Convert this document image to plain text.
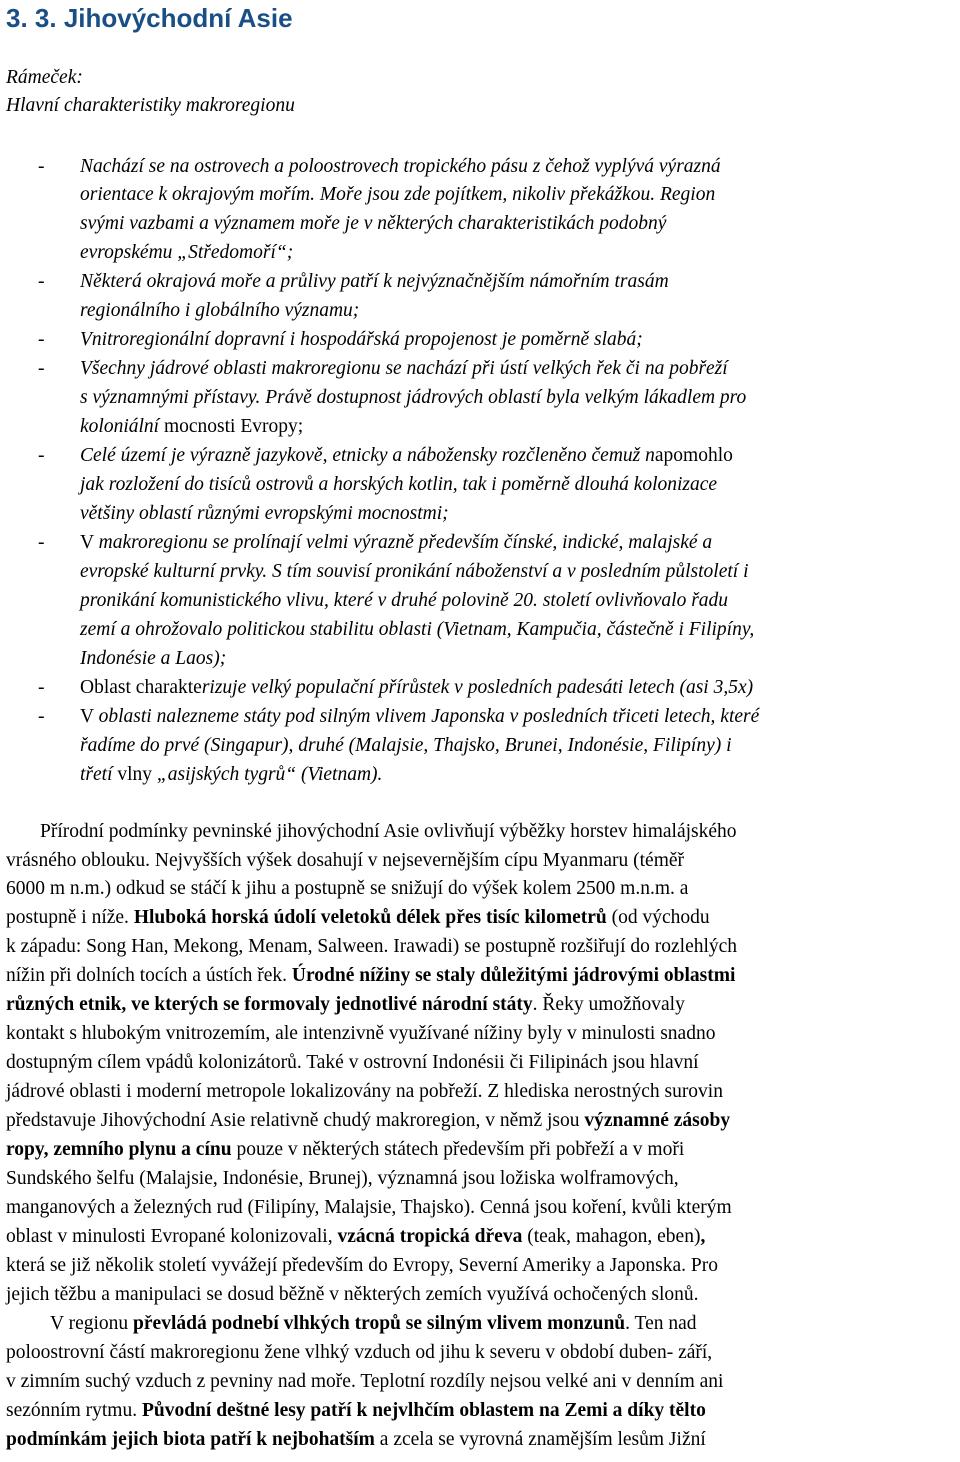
3. 3. Jihovýchodní Asie
Rámeček:
Hlavní charakteristiky makroregionu
- Nachází se na ostrovech a poloostrovech tropického pásu z čehož vyplývá výrazná
orientace k okrajovým mořím. Moře jsou zde pojítkem, nikoliv překážkou. Region
svými vazbami a významem moře je v některých charakteristikách podobný
evropskému „Středomoří“;
- Některá okrajová moře a průlivy patří k nejvýznačnějším námořním trasám
regionálního i globálního významu;
- Vnitroregionální dopravní i hospodářská propojenost je poměrně slabá;
- Všechny jádrové oblasti makroregionu se nachází při ústí velkých řek či na pobřeží
s významnými přístavy. Právě dostupnost jádrových oblastí byla velkým lákadlem pro
koloniální mocnosti Evropy;
- Celé území je výrazně jazykově, etnicky a nábožensky rozčleněno čemuž napomohlo
jak rozložení do tisíců ostrovů a horských kotlin, tak i poměrně dlouhá kolonizace
většiny oblastí různými evropskými mocnostmi;
- V makroregionu se prolínají velmi výrazně především čínské, indické, malajské a
evropské kulturní prvky. S tím souvisí pronikání náboženství a v posledním půlstoletí i
pronikání komunistického vlivu, které v druhé polovině 20. století ovlivňovalo řadu
zemí a ohrožovalo politickou stabilitu oblasti (Vietnam, Kampučia, částečně i Filipíny,
Indonésie a Laos);
- Oblast charakterizuje velký populační přírůstek v posledních padesáti letech (asi 3,5x)
- V oblasti nalezneme státy pod silným vlivem Japonska v posledních třiceti letech, které
řadíme do prvé (Singapur), druhé (Malajsie, Thajsko, Brunei, Indonésie, Filipíny) i
třetí vlny „asijských tygrů“ (Vietnam).
Přírodní podmínky pevninské jihovýchodní Asie ovlivňují výběžky horstev himalájského
vrásného oblouku. Nejvyšších výšek dosahují v nejsevernějším cípu Myanmaru (téměř
6000 m n.m.) odkud se stáčí k jihu a postupně se snižují do výšek kolem 2500 m.n.m. a
postupně i níže. Hluboká horská údolí veletoků délek přes tisíc kilometrů (od východu
k západu: Song Han, Mekong, Menam, Salween. Irawadi) se postupně rozšiřují do rozlehlých
nížin při dolních tocích a ústích řek. Úrodné nížiny se staly důležitými jádrovými oblastmi
různých etnik, ve kterých se formovaly jednotlivé národní státy. Řeky umožňovaly
kontakt s hlubokým vnitrozemím, ale intenzivně využívané nížiny byly v minulosti snadno
dostupným cílem vpádů kolonizátorů. Také v ostrovní Indonésii či Filipinách jsou hlavní
jádrové oblasti i moderní metropole lokalizovány na pobřeží. Z hlediska nerostných surovin
představuje Jihovýchodní Asie relativně chudý makroregion, v němž jsou významné zásoby
ropy, zemního plynu a cínu pouze v některých státech především při pobřeží a v moři
Sundského šelfu (Malajsie, Indonésie, Brunej), významná jsou ložiska wolframových,
manganových a železných rud (Filipíny, Malajsie, Thajsko). Cenná jsou koření, kvůli kterým
oblast v minulosti Evropané kolonizovali, vzácná tropická dřeva (teak, mahagon, eben),
která se již několik století vyvážejí především do Evropy, Severní Ameriky a Japonska. Pro
jejich těžbu a manipulaci se dosud běžně v některých zemích využívá ochočených slonů.
V regionu převládá podnebí vlhkých tropů se silným vlivem monzunů. Ten nad
poloostrovní částí makroregionu žene vlhký vzduch od jihu k severu v období duben- září,
v zimním suchý vzduch z pevniny nad moře. Teplotní rozdíly nejsou velké ani v denním ani
sezónním rytmu. Původní deštné lesy patří k nejvlhčím oblastem na Zemi a díky tělto
podmínkám jejich biota patří k nejbohatším a zcela se vyrovná znamějším lesům Jižní
